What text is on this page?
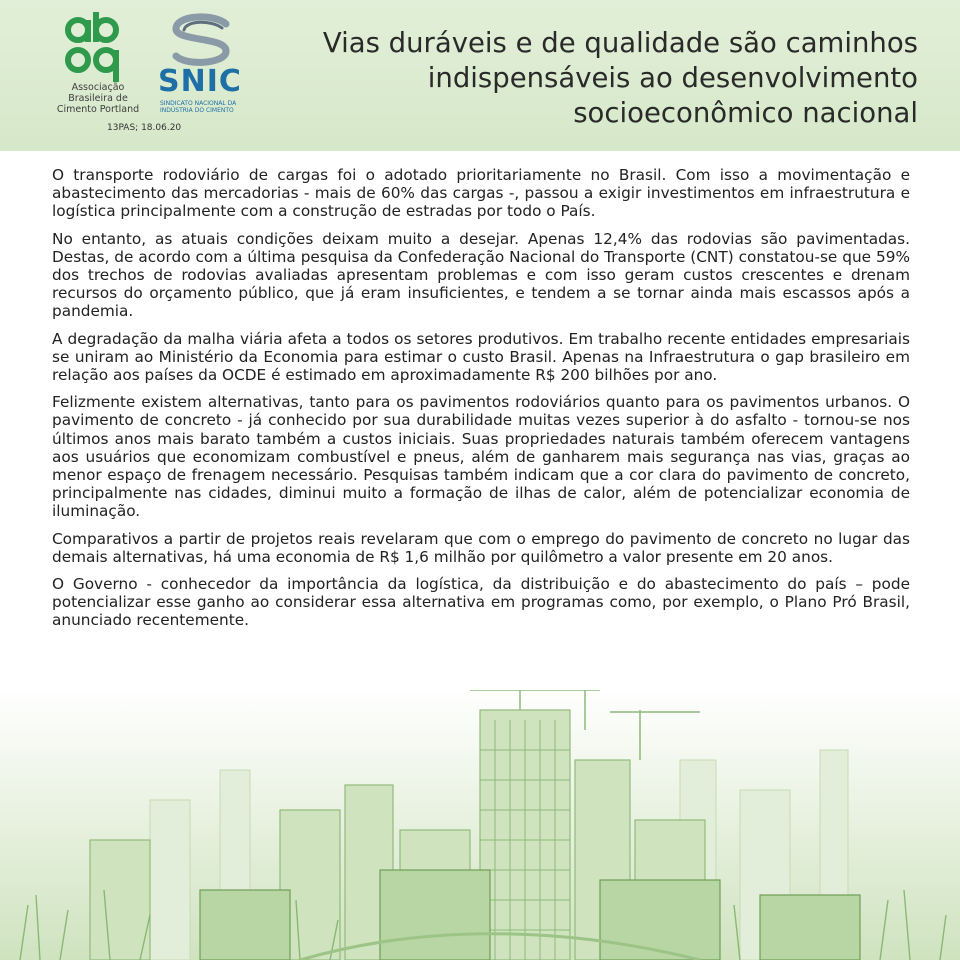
Associação
Brasileira de
Cimento Portland
SNIC
SINDICATO NACIONAL DA
INDÚSTRIA DO CIMENTO
13PAS; 18.06.20
Vias duráveis e de qualidade são caminhos
indispensáveis ao desenvolvimento
socioeconômico nacional

O transporte rodoviário de cargas foi o adotado prioritariamente no Brasil. Com isso a movimentação e abastecimento das mercadorias - mais de 60% das cargas -, passou a exigir investimentos em infraestrutura e logística principalmente com a construção de estradas por todo o País.

No entanto, as atuais condições deixam muito a desejar. Apenas 12,4% das rodovias são pavimentadas. Destas, de acordo com a última pesquisa da Confederação Nacional do Transporte (CNT) constatou-se que 59% dos trechos de rodovias avaliadas apresentam problemas e com isso geram custos crescentes e drenam recursos do orçamento público, que já eram insuficientes, e tendem a se tornar ainda mais escassos após a pandemia.

A degradação da malha viária afeta a todos os setores produtivos. Em trabalho recente entidades empresariais se uniram ao Ministério da Economia para estimar o custo Brasil. Apenas na Infraestrutura o gap brasileiro em relação aos países da OCDE é estimado em aproximadamente R$ 200 bilhões por ano.

Felizmente existem alternativas, tanto para os pavimentos rodoviários quanto para os pavimentos urbanos. O pavimento de concreto - já conhecido por sua durabilidade muitas vezes superior à do asfalto - tornou-se nos últimos anos mais barato também a custos iniciais. Suas propriedades naturais também oferecem vantagens aos usuários que economizam combustível e pneus, além de ganharem mais segurança nas vias, graças ao menor espaço de frenagem necessário. Pesquisas também indicam que a cor clara do pavimento de concreto, principalmente nas cidades, diminui muito a formação de ilhas de calor, além de potencializar economia de iluminação.

Comparativos a partir de projetos reais revelaram que com o emprego do pavimento de concreto no lugar das demais alternativas, há uma economia de R$ 1,6 milhão por quilômetro a valor presente em 20 anos.

O Governo - conhecedor da importância da logística, da distribuição e do abastecimento do país – pode potencializar esse ganho ao considerar essa alternativa em programas como, por exemplo, o Plano Pró Brasil, anunciado recentemente.
